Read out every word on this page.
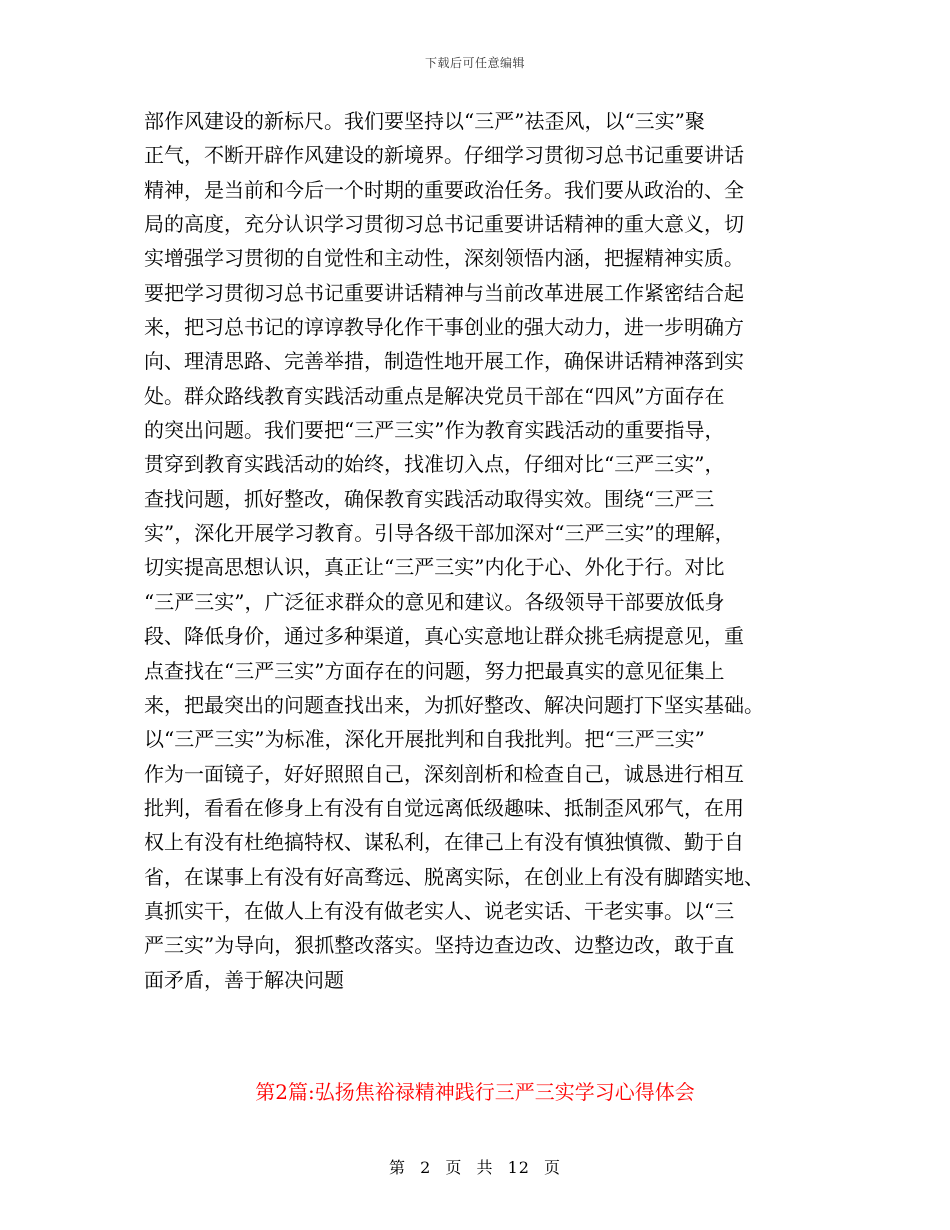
下载后可任意编辑
部作风建设的新标尺。我们要坚持以“三严”祛歪风，以“三实”聚
正气，不断开辟作风建设的新境界。仔细学习贯彻习总书记重要讲话
精神，是当前和今后一个时期的重要政治任务。我们要从政治的、全
局的高度，充分认识学习贯彻习总书记重要讲话精神的重大意义，切
实增强学习贯彻的自觉性和主动性，深刻领悟内涵，把握精神实质。
要把学习贯彻习总书记重要讲话精神与当前改革进展工作紧密结合起
来，把习总书记的谆谆教导化作干事创业的强大动力，进一步明确方
向、理清思路、完善举措，制造性地开展工作，确保讲话精神落到实
处。群众路线教育实践活动重点是解决党员干部在“四风”方面存在
的突出问题。我们要把“三严三实”作为教育实践活动的重要指导，
贯穿到教育实践活动的始终，找准切入点，仔细对比“三严三实”，
查找问题，抓好整改，确保教育实践活动取得实效。围绕“三严三
实”，深化开展学习教育。引导各级干部加深对“三严三实”的理解，
切实提高思想认识，真正让“三严三实”内化于心、外化于行。对比
“三严三实”，广泛征求群众的意见和建议。各级领导干部要放低身
段、降低身价，通过多种渠道，真心实意地让群众挑毛病提意见，重
点查找在“三严三实”方面存在的问题，努力把最真实的意见征集上
来，把最突出的问题查找出来，为抓好整改、解决问题打下坚实基础。
以“三严三实”为标准，深化开展批判和自我批判。把“三严三实”
作为一面镜子，好好照照自己，深刻剖析和检查自己，诚恳进行相互
批判，看看在修身上有没有自觉远离低级趣味、抵制歪风邪气，在用
权上有没有杜绝搞特权、谋私利，在律己上有没有慎独慎微、勤于自
省，在谋事上有没有好高骛远、脱离实际，在创业上有没有脚踏实地、
真抓实干，在做人上有没有做老实人、说老实话、干老实事。以“三
严三实”为导向，狠抓整改落实。坚持边查边改、边整边改，敢于直
面矛盾，善于解决问题
第2篇:弘扬焦裕禄精神践行三严三实学习心得体会
第 2 页 共 12 页
